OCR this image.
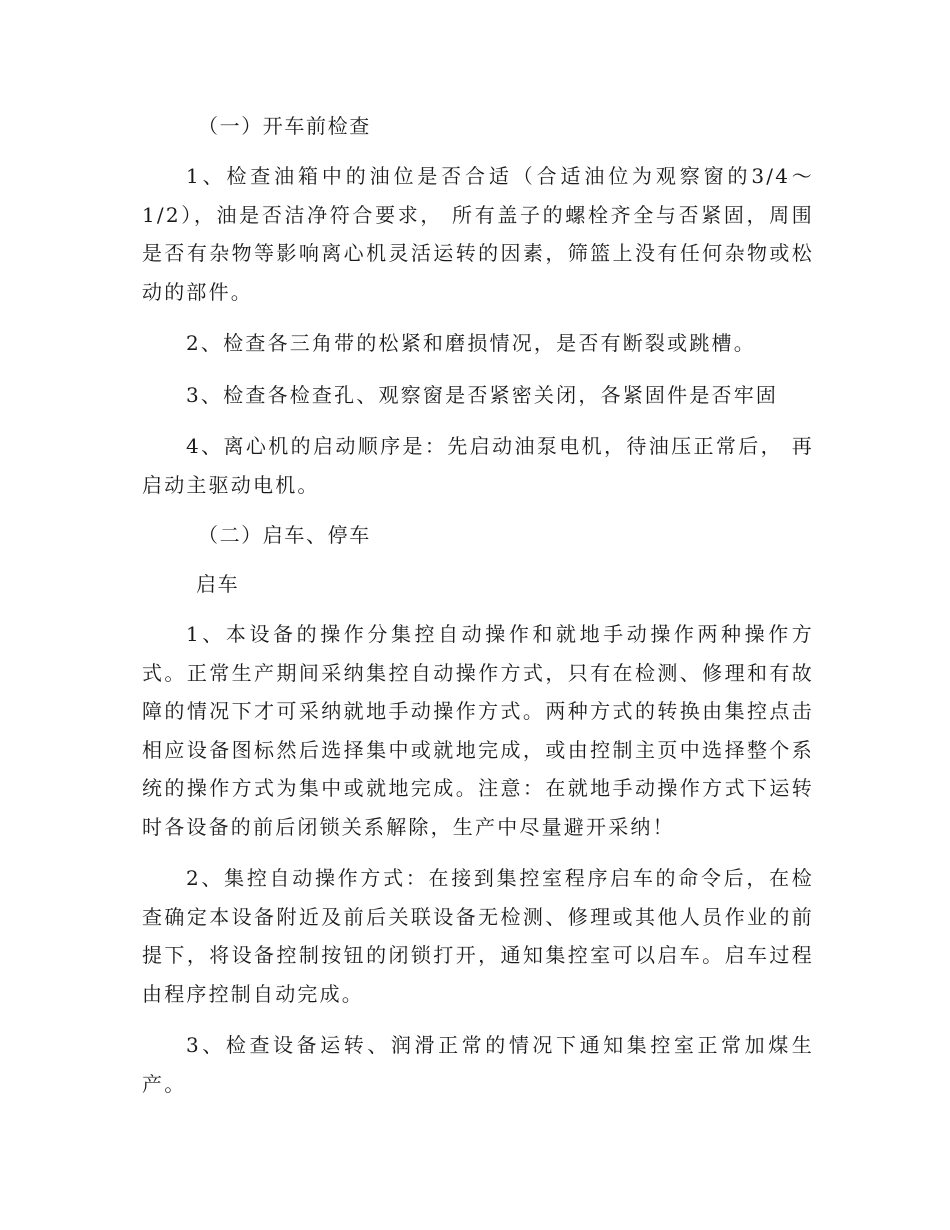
（一）开车前检查

1、检查油箱中的油位是否合适（合适油位为观察窗的3/4～1/2），油是否洁净符合要求， 所有盖子的螺栓齐全与否紧固，周围是否有杂物等影响离心机灵活运转的因素，筛篮上没有任何杂物或松动的部件。

2、检查各三角带的松紧和磨损情况，是否有断裂或跳槽。

3、检查各检查孔、观察窗是否紧密关闭，各紧固件是否牢固

4、离心机的启动顺序是：先启动油泵电机，待油压正常后， 再启动主驱动电机。

（二）启车、停车

启车

1、本设备的操作分集控自动操作和就地手动操作两种操作方式。正常生产期间采纳集控自动操作方式，只有在检测、修理和有故障的情况下才可采纳就地手动操作方式。两种方式的转换由集控点击相应设备图标然后选择集中或就地完成，或由控制主页中选择整个系统的操作方式为集中或就地完成。注意：在就地手动操作方式下运转时各设备的前后闭锁关系解除，生产中尽量避开采纳！

2、集控自动操作方式：在接到集控室程序启车的命令后，在检查确定本设备附近及前后关联设备无检测、修理或其他人员作业的前提下，将设备控制按钮的闭锁打开，通知集控室可以启车。启车过程由程序控制自动完成。

3、检查设备运转、润滑正常的情况下通知集控室正常加煤生产。
